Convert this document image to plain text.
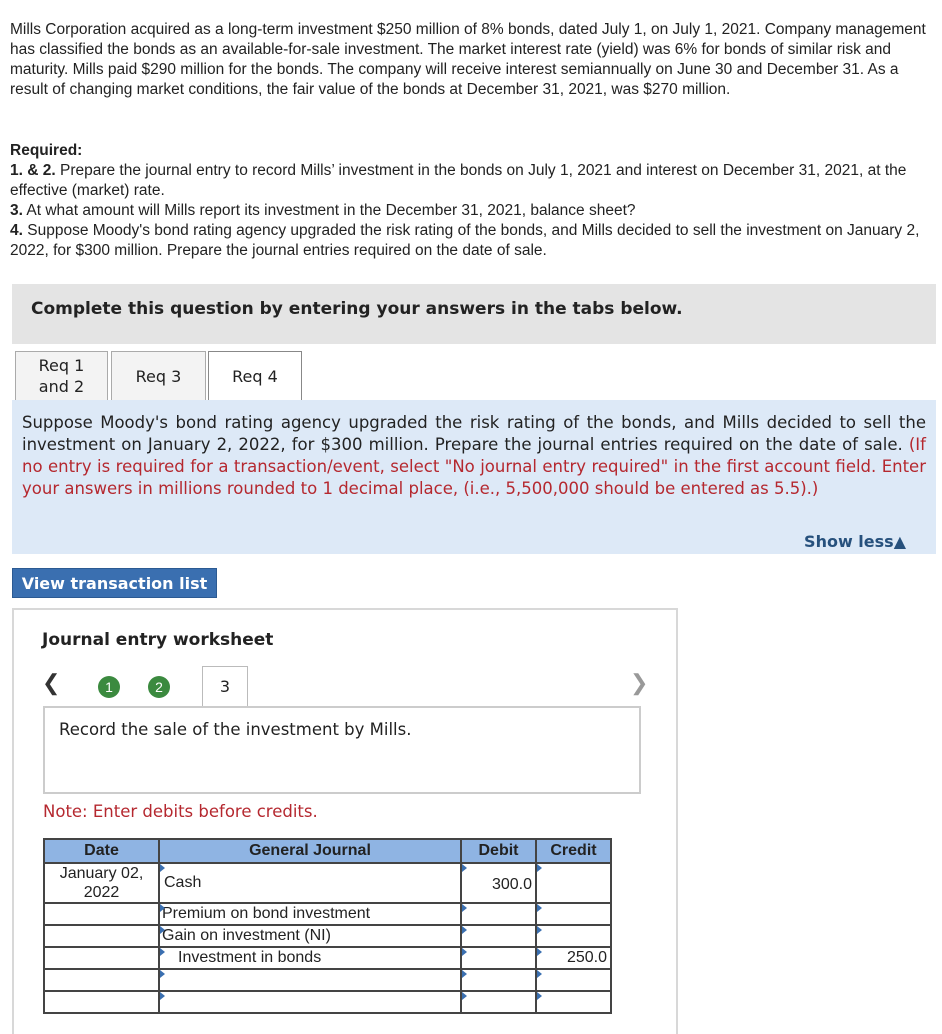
Mills Corporation acquired as a long-term investment $250 million of 8% bonds, dated July 1, on July 1, 2021. Company management has classified the bonds as an available-for-sale investment. The market interest rate (yield) was 6% for bonds of similar risk and maturity. Mills paid $290 million for the bonds. The company will receive interest semiannually on June 30 and December 31. As a result of changing market conditions, the fair value of the bonds at December 31, 2021, was $270 million.

Required:
1. & 2. Prepare the journal entry to record Mills’ investment in the bonds on July 1, 2021 and interest on December 31, 2021, at the effective (market) rate.
3. At what amount will Mills report its investment in the December 31, 2021, balance sheet?
4. Suppose Moody's bond rating agency upgraded the risk rating of the bonds, and Mills decided to sell the investment on January 2, 2022, for $300 million. Prepare the journal entries required on the date of sale.
Complete this question by entering your answers in the tabs below.
Req 1
and 2
Req 3	Req 4
Suppose Moody's bond rating agency upgraded the risk rating of the bonds, and Mills decided to sell the investment on January 2, 2022, for $300 million. Prepare the journal entries required on the date of sale. (If no entry is required for a transaction/event, select "No journal entry required" in the first account field. Enter your answers in millions rounded to 1 decimal place, (i.e., 5,500,000 should be entered as 5.5).)
Show less▲
View transaction list
Journal entry worksheet
❮	1	2	3	❯
Record the sale of the investment by Mills.
Note: Enter debits before credits.
Date	General Journal	Debit	Credit
January 02,
2022	Cash	300.0	

Premium on bond investment	

Gain on investment (NI)	

Investment in bonds		250.0
